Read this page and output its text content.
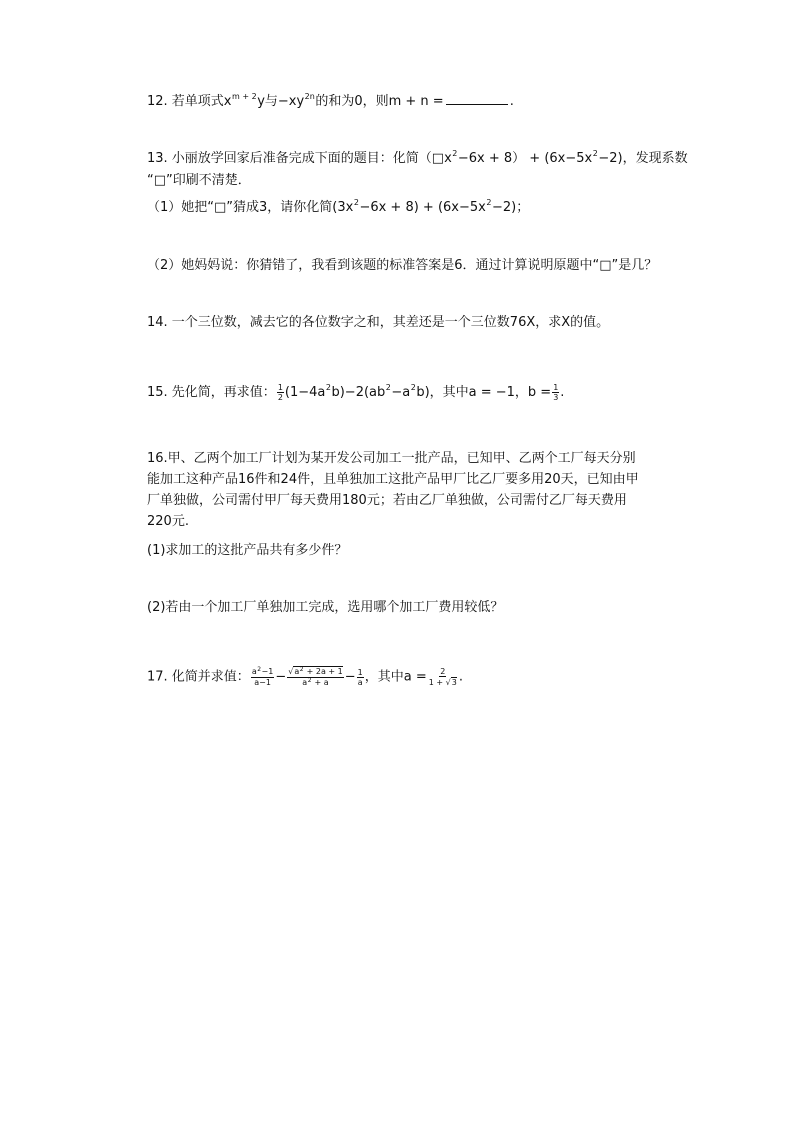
12. 若单项式$x^{m + 2}y$与$-xy^{2n}$的和为0，则m + n =	.
13. 小丽放学回家后准备完成下面的题目：化简$(□x^2-6x + 8) + (6x-5x^2-2)$，发现系数
“□”印刷不清楚．
（1）她把“□”猜成3，请你化简$(3x^2-6x + 8) + (6x-5x^2-2)$；
（2）她妈妈说：你猜错了，我看到该题的标准答案是6．通过计算说明原题中“□”是几？
14. 一个三位数，减去它的各位数字之和，其差还是一个三位数76X，求X的值。
15. 先化简，再求值： $\frac{1}{2} (1-4a^2b)-2(ab^2-a^2b)$，其中a = −1，$b = \frac{1}{3}$ .
16.甲、乙两个加工厂计划为某开发公司加工一批产品，已知甲、乙两个工厂每天分别
能加工这种产品16件和24件，且单独加工这批产品甲厂比乙厂要多用20天，已知由甲
厂单独做，公司需付甲厂每天费用180元；若由乙厂单独做，公司需付乙厂每天费用
220元.
(1)求加工的这批产品共有多少件？
(2)若由一个加工厂单独加工完成，选用哪个加工厂费用较低？
17. 化简并求值： $\frac{a^2-1}{a-1} - \frac{√a^2 + 2a + 1}{a^2 + a} - \frac{1}{a}$ ，其中$a = \frac{2}{1 + √3}$ .
